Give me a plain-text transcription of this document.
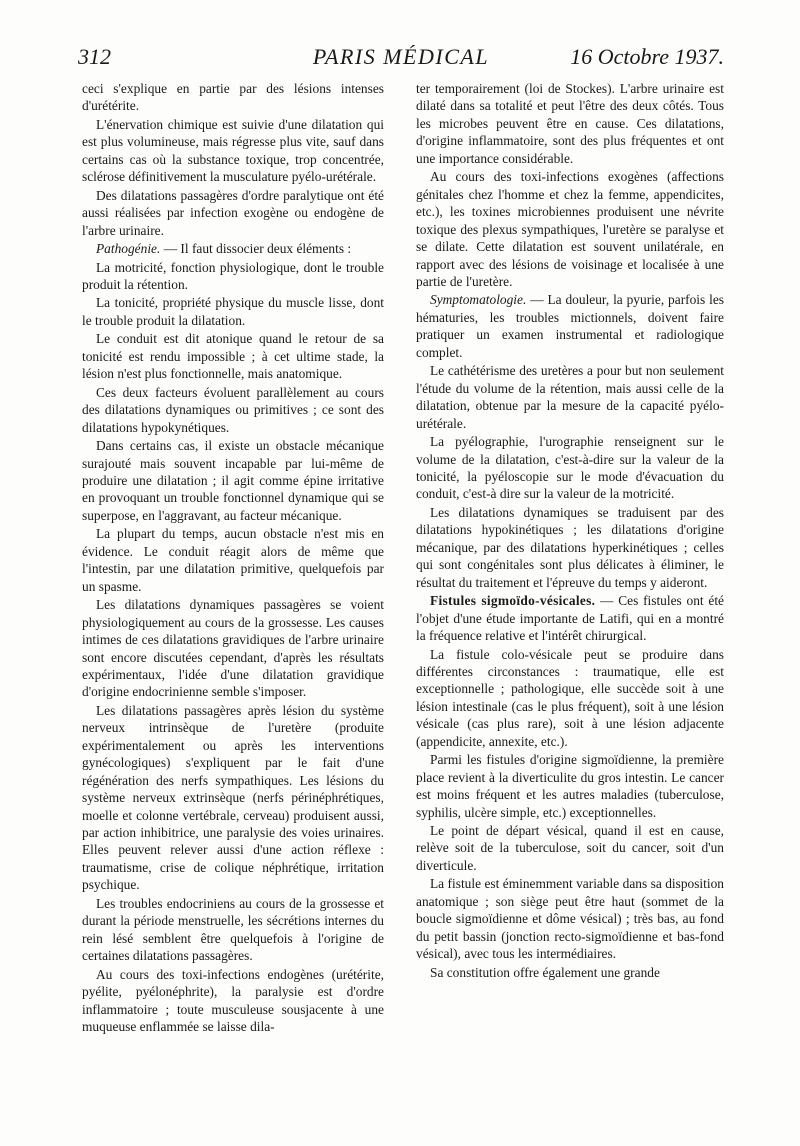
312	PARIS MÉDICAL	16 Octobre 1937.

ceci s'explique en partie par des lésions intenses d'urétérite.

L'énervation chimique est suivie d'une dilatation qui est plus volumineuse, mais régresse plus vite, sauf dans certains cas où la substance toxique, trop concentrée, sclérose définitivement la musculature pyélo-urétérale.

Des dilatations passagères d'ordre paralytique ont été aussi réalisées par infection exogène ou endogène de l'arbre urinaire.

Pathogénie. — Il faut dissocier deux éléments :

La motricité, fonction physiologique, dont le trouble produit la rétention.

La tonicité, propriété physique du muscle lisse, dont le trouble produit la dilatation.

Le conduit est dit atonique quand le retour de sa tonicité est rendu impossible ; à cet ultime stade, la lésion n'est plus fonctionnelle, mais anatomique.

Ces deux facteurs évoluent parallèlement au cours des dilatations dynamiques ou primitives ; ce sont des dilatations hypokynétiques.

Dans certains cas, il existe un obstacle mécanique surajouté mais souvent incapable par lui-même de produire une dilatation ; il agit comme épine irritative en provoquant un trouble fonctionnel dynamique qui se superpose, en l'aggravant, au facteur mécanique.

La plupart du temps, aucun obstacle n'est mis en évidence. Le conduit réagit alors de même que l'intestin, par une dilatation primitive, quelquefois par un spasme.

Les dilatations dynamiques passagères se voient physiologiquement au cours de la grossesse. Les causes intimes de ces dilatations gravidiques de l'arbre urinaire sont encore discutées cependant, d'après les résultats expérimentaux, l'idée d'une dilatation gravidique d'origine endocrinienne semble s'imposer.

Les dilatations passagères après lésion du système nerveux intrinsèque de l'uretère (produite expérimentalement ou après les interventions gynécologiques) s'expliquent par le fait d'une régénération des nerfs sympathiques. Les lésions du système nerveux extrinsèque (nerfs périnéphrétiques, moelle et colonne vertébrale, cerveau) produisent aussi, par action inhibitrice, une paralysie des voies urinaires. Elles peuvent relever aussi d'une action réflexe : traumatisme, crise de colique néphrétique, irritation psychique.

Les troubles endocriniens au cours de la grossesse et durant la période menstruelle, les sécrétions internes du rein lésé semblent être quelquefois à l'origine de certaines dilatations passagères.

Au cours des toxi-infections endogènes (urétérite, pyélite, pyélonéphrite), la paralysie est d'ordre inflammatoire ; toute musculeuse sousjacente à une muqueuse enflammée se laisse dila-

ter temporairement (loi de Stockes). L'arbre urinaire est dilaté dans sa totalité et peut l'être des deux côtés. Tous les microbes peuvent être en cause. Ces dilatations, d'origine inflammatoire, sont des plus fréquentes et ont une importance considérable.

Au cours des toxi-infections exogènes (affections génitales chez l'homme et chez la femme, appendicites, etc.), les toxines microbiennes produisent une névrite toxique des plexus sympathiques, l'uretère se paralyse et se dilate. Cette dilatation est souvent unilatérale, en rapport avec des lésions de voisinage et localisée à une partie de l'uretère.

Symptomatologie. — La douleur, la pyurie, parfois les hématuries, les troubles mictionnels, doivent faire pratiquer un examen instrumental et radiologique complet.

Le cathétérisme des uretères a pour but non seulement l'étude du volume de la rétention, mais aussi celle de la dilatation, obtenue par la mesure de la capacité pyélo-urétérale.

La pyélographie, l'urographie renseignent sur le volume de la dilatation, c'est-à-dire sur la valeur de la tonicité, la pyéloscopie sur le mode d'évacuation du conduit, c'est-à dire sur la valeur de la motricité.

Les dilatations dynamiques se traduisent par des dilatations hypokinétiques ; les dilatations d'origine mécanique, par des dilatations hyperkinétiques ; celles qui sont congénitales sont plus délicates à éliminer, le résultat du traitement et l'épreuve du temps y aideront.

Fistules sigmoïdo-vésicales. — Ces fistules ont été l'objet d'une étude importante de Latifi, qui en a montré la fréquence relative et l'intérêt chirurgical.

La fistule colo-vésicale peut se produire dans différentes circonstances : traumatique, elle est exceptionnelle ; pathologique, elle succède soit à une lésion intestinale (cas le plus fréquent), soit à une lésion vésicale (cas plus rare), soit à une lésion adjacente (appendicite, annexite, etc.).

Parmi les fistules d'origine sigmoïdienne, la première place revient à la diverticulite du gros intestin. Le cancer est moins fréquent et les autres maladies (tuberculose, syphilis, ulcère simple, etc.) exceptionnelles.

Le point de départ vésical, quand il est en cause, relève soit de la tuberculose, soit du cancer, soit d'un diverticule.

La fistule est éminemment variable dans sa disposition anatomique ; son siège peut être haut (sommet de la boucle sigmoïdienne et dôme vésical) ; très bas, au fond du petit bassin (jonction recto-sigmoïdienne et bas-fond vésical), avec tous les intermédiaires.

Sa constitution offre également une grande
